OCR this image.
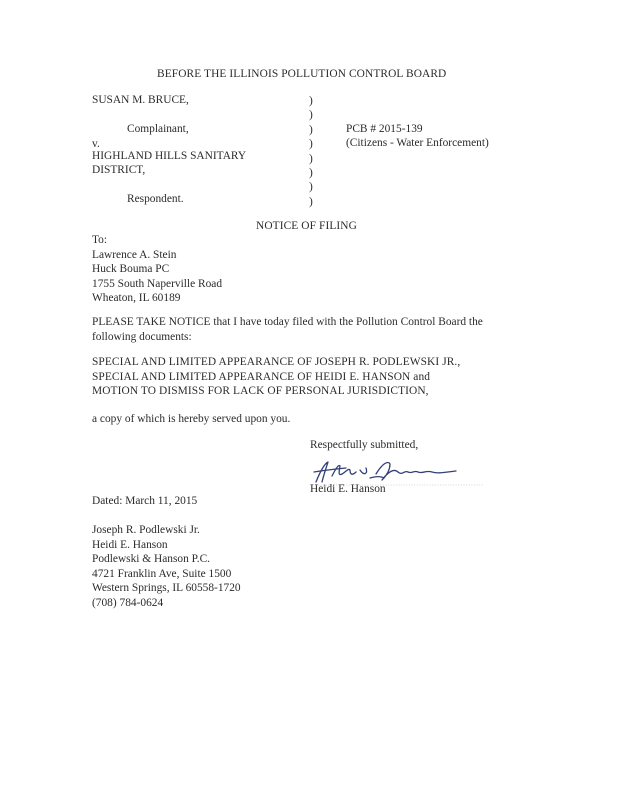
BEFORE THE ILLINOIS POLLUTION CONTROL BOARD
SUSAN M. BRUCE,
Complainant,
v.
HIGHLAND HILLS SANITARY
DISTRICT,
Respondent.
)
)
)
)
)
)
)
)
PCB # 2015-139
(Citizens - Water Enforcement)
NOTICE OF FILING
To:
Lawrence A. Stein
Huck Bouma PC
1755 South Naperville Road
Wheaton, IL 60189
PLEASE TAKE NOTICE that I have today filed with the Pollution Control Board the
following documents:
SPECIAL AND LIMITED APPEARANCE OF JOSEPH R. PODLEWSKI JR.,
SPECIAL AND LIMITED APPEARANCE OF HEIDI E. HANSON and
MOTION TO DISMISS FOR LACK OF PERSONAL JURISDICTION,
a copy of which is hereby served upon you.
Respectfully submitted,
Heidi E. Hanson
Dated: March 11, 2015
Joseph R. Podlewski Jr.
Heidi E. Hanson
Podlewski & Hanson P.C.
4721 Franklin Ave, Suite 1500
Western Springs, IL 60558-1720
(708) 784-0624
